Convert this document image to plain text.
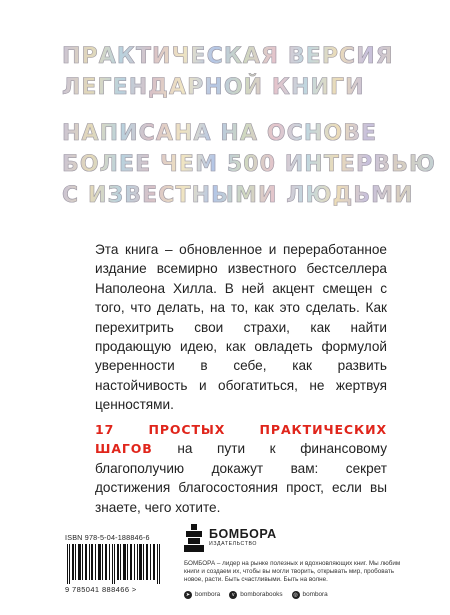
ПРАКТИЧЕСКАЯ ВЕРСИЯ
ЛЕГЕНДАРНОЙ КНИГИ
НАПИСАНА НА ОСНОВЕ
БОЛЕЕ ЧЕМ 500 ИНТЕРВЬЮ
С ИЗВЕСТНЫМИ ЛЮДЬМИ

Эта книга – обновленное и переработанное издание всемирно известного бестселлера Наполеона Хилла. В ней акцент смещен с того, что делать, на то, как это сделать. Как перехитрить свои страхи, как найти продающую идею, как овладеть формулой уверенности в себе, как развить настойчивость и обогатиться, не жертвуя ценностями.

17 ПРОСТЫХ ПРАКТИЧЕСКИХ ШАГОВ на пути к финансовому благополучию докажут вам: секрет достижения благосостояния прост, если вы знаете, чего хотите.

ISBN 978-5-04-188846-6
9 785041 888466 >
БОМБОРА
ИЗДАТЕЛЬСТВО
БОМБОРА – лидер на рынке полезных и вдохновляющих книг. Мы любим книги и создаем их, чтобы вы могли творить, открывать мир, пробовать новое, расти. Быть счастливыми. Быть на волне.
➤ bombora	v bomborabooks	◎ bombora
